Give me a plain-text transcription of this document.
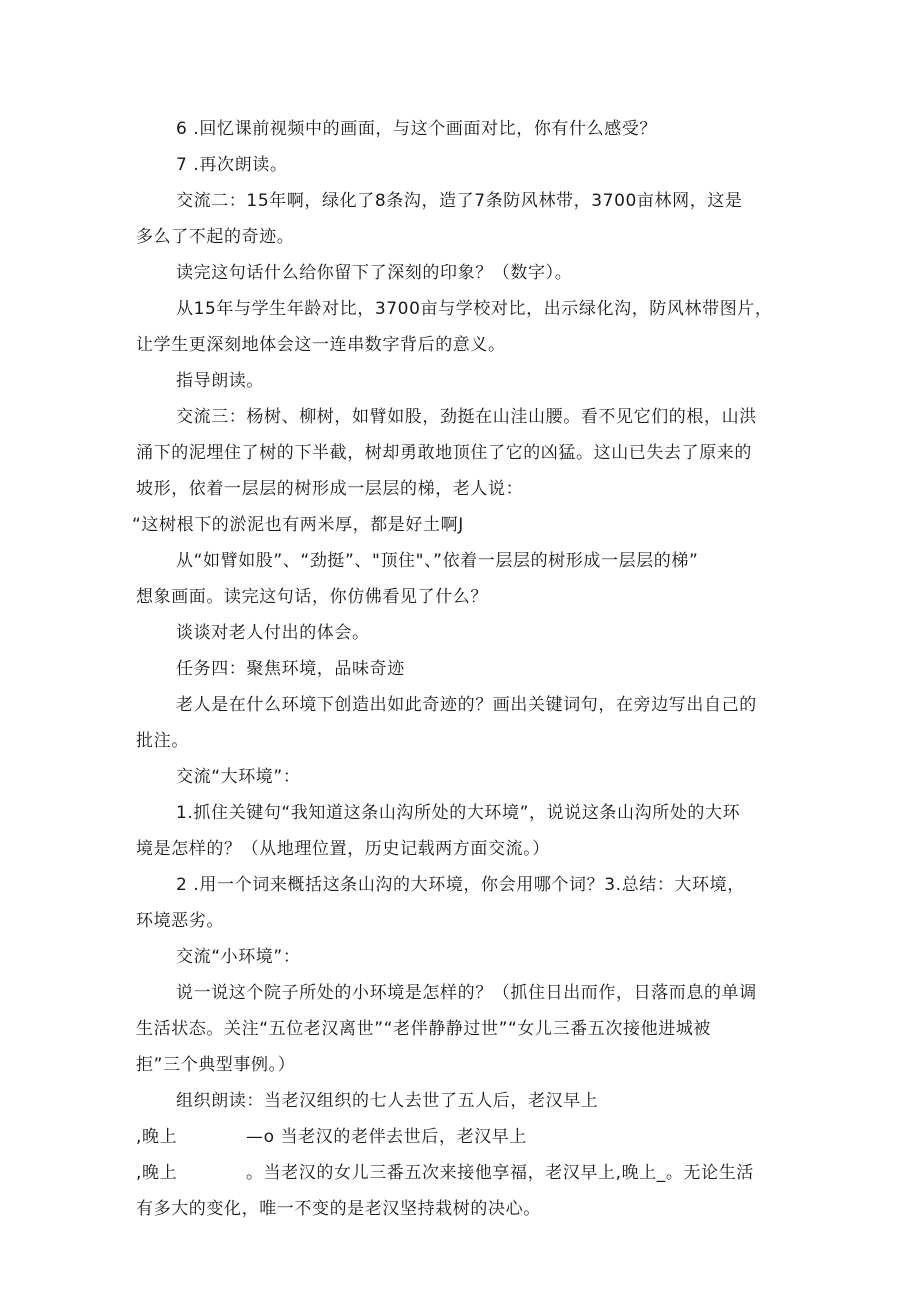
6 .回忆课前视频中的画面，与这个画面对比，你有什么感受？
7 .再次朗读。
交流二：15年啊，绿化了8条沟，造了7条防风林带，3700亩林网，这是
多么了不起的奇迹。
读完这句话什么给你留下了深刻的印象？（数字）。
从15年与学生年龄对比，3700亩与学校对比，出示绿化沟，防风林带图片，
让学生更深刻地体会这一连串数字背后的意义。
指导朗读。
交流三：杨树、柳树，如臂如股，劲挺在山洼山腰。看不见它们的根，山洪
涌下的泥埋住了树的下半截，树却勇敢地顶住了它的凶猛。这山已失去了原来的
坡形，依着一层层的树形成一层层的梯，老人说：
“这树根下的淤泥也有两米厚，都是好土啊J
从“如臂如股”、“劲挺”、"顶住"、”依着一层层的树形成一层层的梯”
想象画面。读完这句话，你仿佛看见了什么？
谈谈对老人付出的体会。
任务四：聚焦环境，品味奇迹
老人是在什么环境下创造出如此奇迹的？画出关键词句，在旁边写出自己的
批注。
交流“大环境”：
1.抓住关键句“我知道这条山沟所处的大环境”，说说这条山沟所处的大环
境是怎样的？（从地理位置，历史记载两方面交流。）
2 .用一个词来概括这条山沟的大环境，你会用哪个词？3.总结：大环境，
环境恶劣。
交流“小环境”：
说一说这个院子所处的小环境是怎样的？（抓住日出而作，日落而息的单调
生活状态。关注“五位老汉离世”“老伴静静过世”“女儿三番五次接他进城被
拒”三个典型事例。）
组织朗读：当老汉组织的七人去世了五人后，老汉早上
,晚上	—o 当老汉的老伴去世后，老汉早上
,晚上	。当老汉的女儿三番五次来接他享福，老汉早上,晚上_。无论生活
有多大的变化，唯一不变的是老汉坚持栽树的决心。
